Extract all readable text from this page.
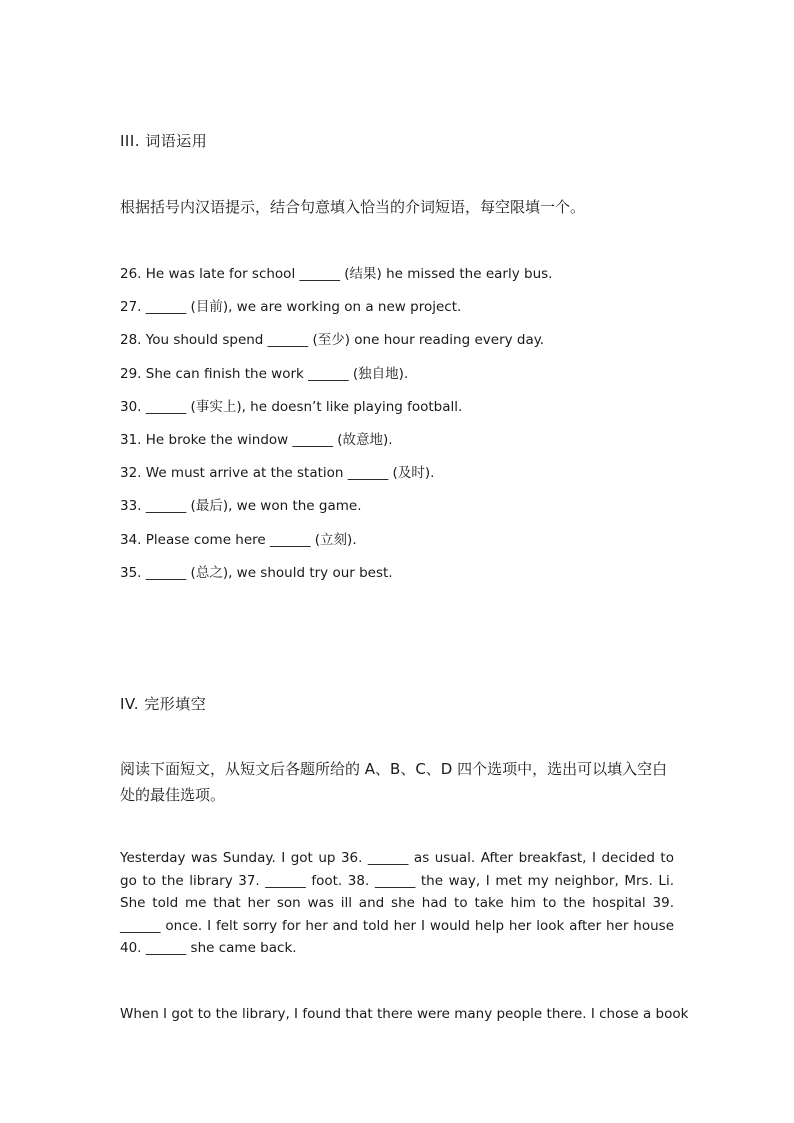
III. 词语运用
根据括号内汉语提示，结合句意填入恰当的介词短语，每空限填一个。
26. He was late for school ______ (结果) he missed the early bus.
27. ______ (目前), we are working on a new project.
28. You should spend ______ (至少) one hour reading every day.
29. She can finish the work ______ (独自地).
30. ______ (事实上), he doesn’t like playing football.
31. He broke the window ______ (故意地).
32. We must arrive at the station ______ (及时).
33. ______ (最后), we won the game.
34. Please come here ______ (立刻).
35. ______ (总之), we should try our best.
IV. 完形填空
阅读下面短文，从短文后各题所给的 A、B、C、D 四个选项中，选出可以填入空白处的最佳选项。
Yesterday was Sunday. I got up 36. ______ as usual. After breakfast, I decided to go to the library 37. ______ foot. 38. ______ the way, I met my neighbor, Mrs. Li. She told me that her son was ill and she had to take him to the hospital 39. ______ once. I felt sorry for her and told her I would help her look after her house 40. ______ she came back.
When I got to the library, I found that there were many people there. I chose a book
